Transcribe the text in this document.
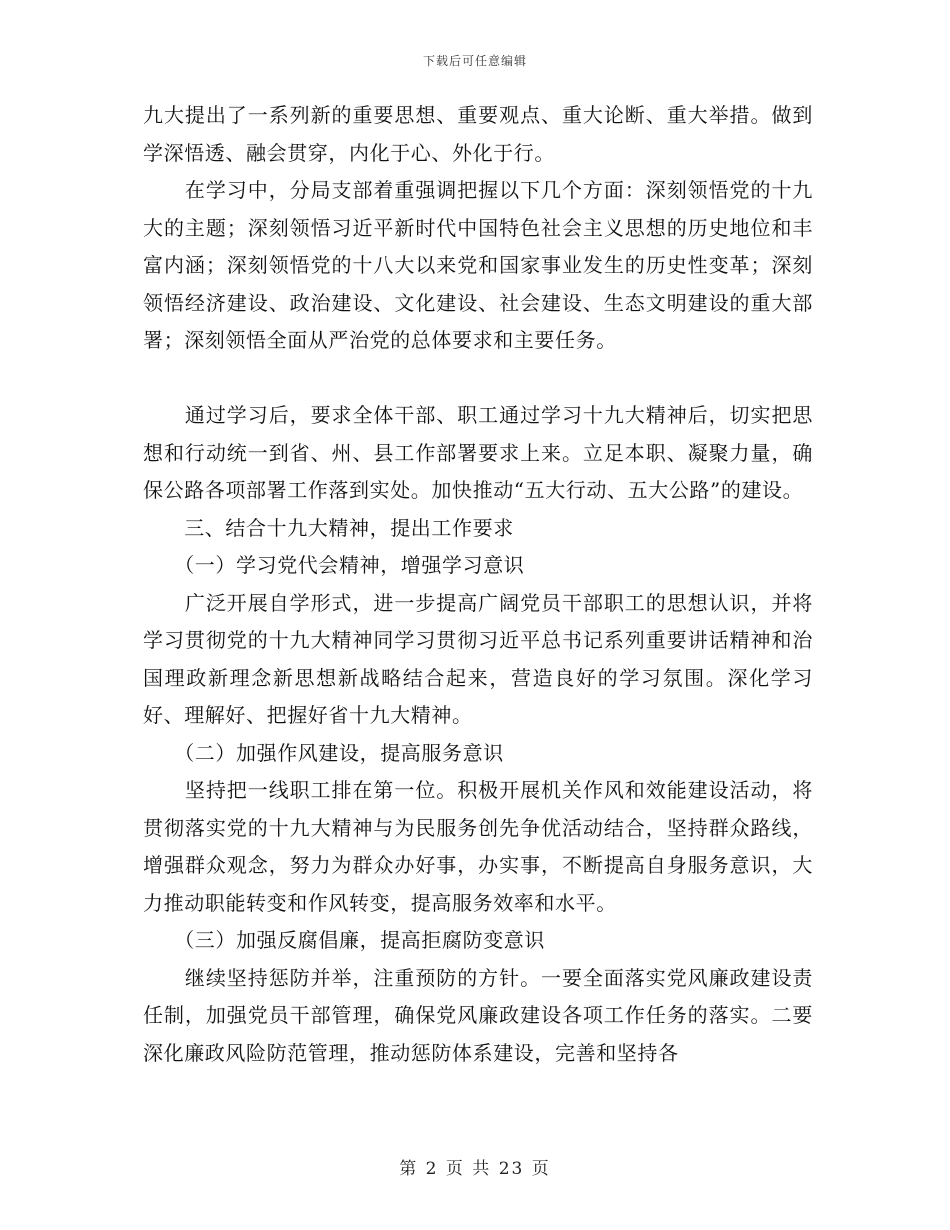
下载后可任意编辑

九大提出了一系列新的重要思想、重要观点、重大论断、重大举措。做到学深悟透、融会贯穿，内化于心、外化于行。

　　在学习中，分局支部着重强调把握以下几个方面：深刻领悟党的十九大的主题；深刻领悟习近平新时代中国特色社会主义思想的历史地位和丰富内涵；深刻领悟党的十八大以来党和国家事业发生的历史性变革；深刻领悟经济建设、政治建设、文化建设、社会建设、生态文明建设的重大部署；深刻领悟全面从严治党的总体要求和主要任务。

　　通过学习后，要求全体干部、职工通过学习十九大精神后，切实把思想和行动统一到省、州、县工作部署要求上来。立足本职、凝聚力量，确保公路各项部署工作落到实处。加快推动“五大行动、五大公路”的建设。

　　三、结合十九大精神，提出工作要求

　　（一）学习党代会精神，增强学习意识

　　广泛开展自学形式，进一步提高广阔党员干部职工的思想认识，并将学习贯彻党的十九大精神同学习贯彻习近平总书记系列重要讲话精神和治国理政新理念新思想新战略结合起来，营造良好的学习氛围。深化学习好、理解好、把握好省十九大精神。

　　（二）加强作风建设，提高服务意识

　　坚持把一线职工排在第一位。积极开展机关作风和效能建设活动，将贯彻落实党的十九大精神与为民服务创先争优活动结合，坚持群众路线，增强群众观念，努力为群众办好事，办实事，不断提高自身服务意识，大力推动职能转变和作风转变，提高服务效率和水平。

　　（三）加强反腐倡廉，提高拒腐防变意识

　　继续坚持惩防并举，注重预防的方针。一要全面落实党风廉政建设责任制，加强党员干部管理，确保党风廉政建设各项工作任务的落实。二要深化廉政风险防范管理，推动惩防体系建设，完善和坚持各

第 2 页 共 23 页
